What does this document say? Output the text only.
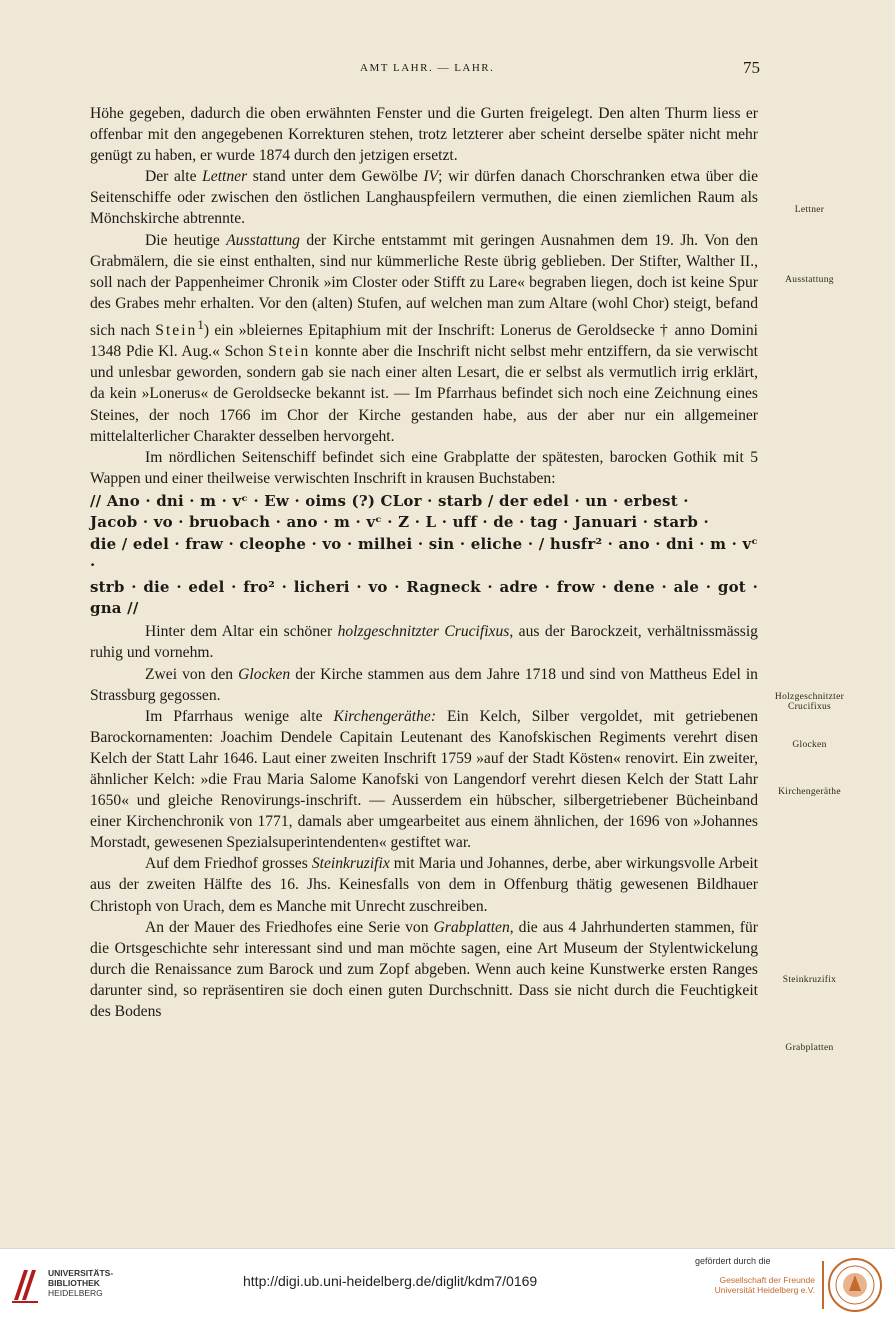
AMT LAHR. — LAHR.	75

Höhe gegeben, dadurch die oben erwähnten Fenster und die Gurten freigelegt. Den alten Thurm liess er offenbar mit den angegebenen Korrekturen stehen, trotz letzterer aber scheint derselbe später nicht mehr genügt zu haben, er wurde 1874 durch den jetzigen ersetzt.

Der alte Lettner stand unter dem Gewölbe IV; wir dürfen danach Chorschranken etwa über die Seitenschiffe oder zwischen den östlichen Langhauspfeilern vermuthen, die einen ziemlichen Raum als Mönchskirche abtrennte.

Die heutige Ausstattung der Kirche entstammt mit geringen Ausnahmen dem 19. Jh. Von den Grabmälern, die sie einst enthalten, sind nur kümmerliche Reste übrig geblieben. Der Stifter, Walther II., soll nach der Pappenheimer Chronik »im Closter oder Stifft zu Lare« begraben liegen, doch ist keine Spur des Grabes mehr erhalten. Vor den (alten) Stufen, auf welchen man zum Altare (wohl Chor) steigt, befand sich nach Stein$^1$) ein »bleiernes Epitaphium mit der Inschrift: Lonerus de Geroldsecke † anno Domini 1348 Pdie Kl. Aug.« Schon Stein konnte aber die Inschrift nicht selbst mehr entziffern, da sie verwischt und unlesbar geworden, sondern gab sie nach einer alten Lesart, die er selbst als vermutlich irrig erklärt, da kein »Lonerus« de Geroldsecke bekannt ist. — Im Pfarrhaus befindet sich noch eine Zeichnung eines Steines, der noch 1766 im Chor der Kirche gestanden habe, aus der aber nur ein allgemeiner mittelalterlicher Charakter desselben hervorgeht.

Im nördlichen Seitenschiff befindet sich eine Grabplatte der spätesten, barocken Gothik mit 5 Wappen und einer theilweise verwischten Inschrift in krausen Buchstaben:

// Ano · dni · m · vᶜ · Ew · oims (?) CLor · starb / der edel · un · erbest ·
Jacob · vo · bruobach · ano · m · vᶜ · Z · L · uff · de · tag · Januari · starb ·
die / edel · fraw · cleophe · vo · milhei · sin · eliche · / husfr² · ano · dni · m · vᶜ ·
strb · die · edel · fro² · licheri · vo · Ragneck · adre · frow · dene · ale · got · gna //

Hinter dem Altar ein schöner holzgeschnitzter Crucifixus, aus der Barockzeit, verhältnissmässig ruhig und vornehm.

Zwei von den Glocken der Kirche stammen aus dem Jahre 1718 und sind von Mattheus Edel in Strassburg gegossen.

Im Pfarrhaus wenige alte Kirchengeräthe: Ein Kelch, Silber vergoldet, mit getriebenen Barockornamenten: Joachim Dendele Capitain Leutenant des Kanofskischen Regiments verehrt disen Kelch der Statt Lahr 1646. Laut einer zweiten Inschrift 1759 »auf der Stadt Kösten« renovirt. Ein zweiter, ähnlicher Kelch: »die Frau Maria Salome Kanofski von Langendorf verehrt diesen Kelch der Statt Lahr 1650« und gleiche Renovirungs-inschrift. — Ausserdem ein hübscher, silbergetriebener Bücheinband einer Kirchenchronik von 1771, damals aber umgearbeitet aus einem ähnlichen, der 1696 von »Johannes Morstadt, gewesenen Spezialsuperintendenten« gestiftet war.

Auf dem Friedhof grosses Steinkruzifix mit Maria und Johannes, derbe, aber wirkungsvolle Arbeit aus der zweiten Hälfte des 16. Jhs. Keinesfalls von dem in Offenburg thätig gewesenen Bildhauer Christoph von Urach, dem es Manche mit Unrecht zuschreiben.

An der Mauer des Friedhofes eine Serie von Grabplatten, die aus 4 Jahrhunderten stammen, für die Ortsgeschichte sehr interessant sind und man möchte sagen, eine Art Museum der Stylentwickelung durch die Renaissance zum Barock und zum Zopf abgeben. Wenn auch keine Kunstwerke ersten Ranges darunter sind, so repräsentiren sie doch einen guten Durchschnitt. Dass sie nicht durch die Feuchtigkeit des Bodens

Lettner
Ausstattung
Holzgeschnitzter Crucifixus
Glocken
Kirchengeräthe
Steinkruzifix
Grabplatten
UNIVERSITÄTS-
BIBLIOTHEK
HEIDELBERG
http://digi.ub.uni-heidelberg.de/diglit/kdm7/0169
gefördert durch die
Gesellschaft der Freunde
Universität Heidelberg e.V.
